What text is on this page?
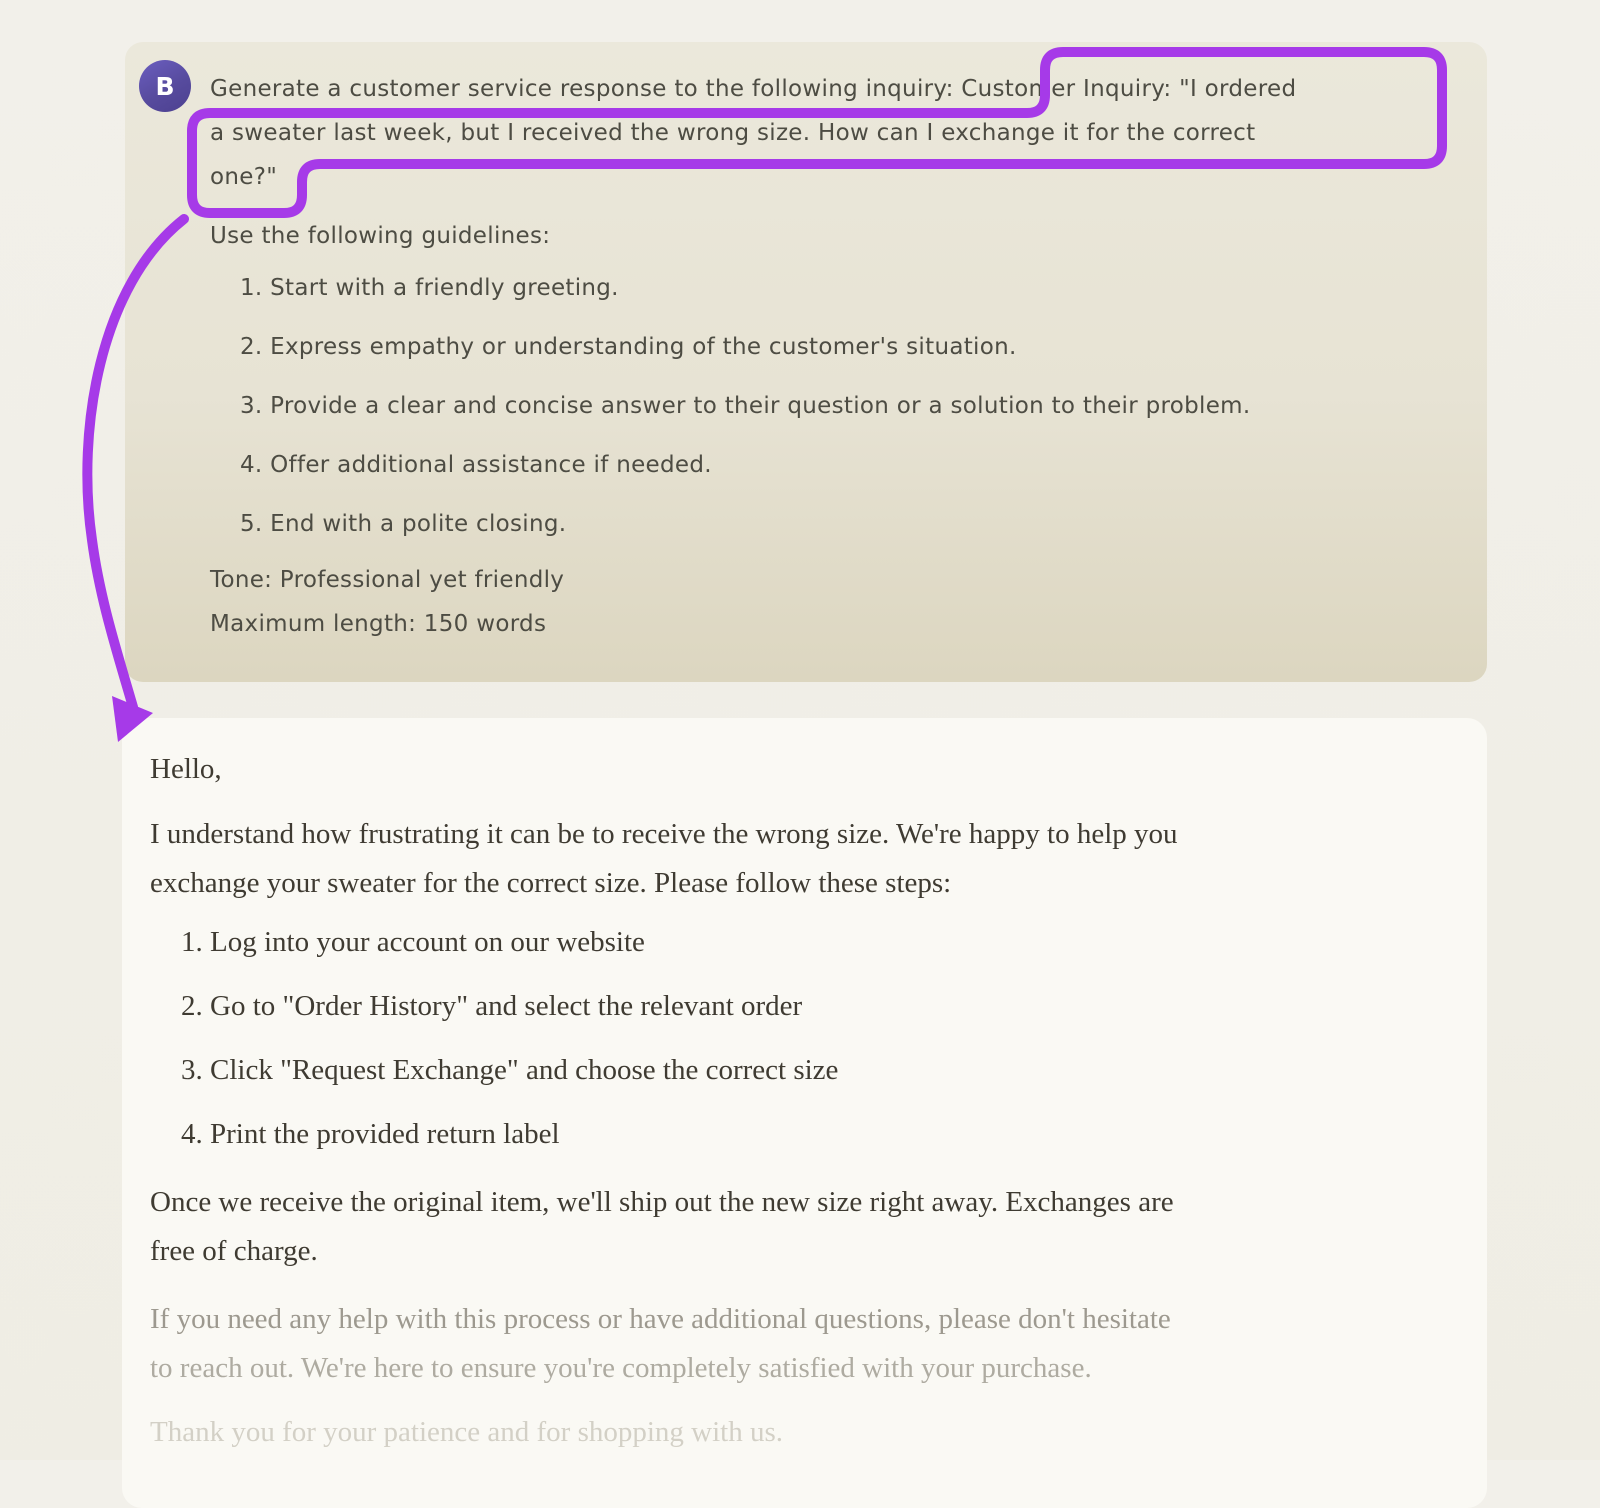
B Generate a customer service response to the following inquiry: Customer Inquiry: "I ordered
a sweater last week, but I received the wrong size. How can I exchange it for the correct
one?"
Use the following guidelines:
1. Start with a friendly greeting.
2. Express empathy or understanding of the customer's situation.
3. Provide a clear and concise answer to their question or a solution to their problem.
4. Offer additional assistance if needed.
5. End with a polite closing.
Tone: Professional yet friendly
Maximum length: 150 words
Hello,
I understand how frustrating it can be to receive the wrong size. We're happy to help you
exchange your sweater for the correct size. Please follow these steps:
1. Log into your account on our website
2. Go to "Order History" and select the relevant order
3. Click "Request Exchange" and choose the correct size
4. Print the provided return label
Once we receive the original item, we'll ship out the new size right away. Exchanges are
free of charge.
If you need any help with this process or have additional questions, please don't hesitate
to reach out. We're here to ensure you're completely satisfied with your purchase.
Thank you for your patience and for shopping with us.
